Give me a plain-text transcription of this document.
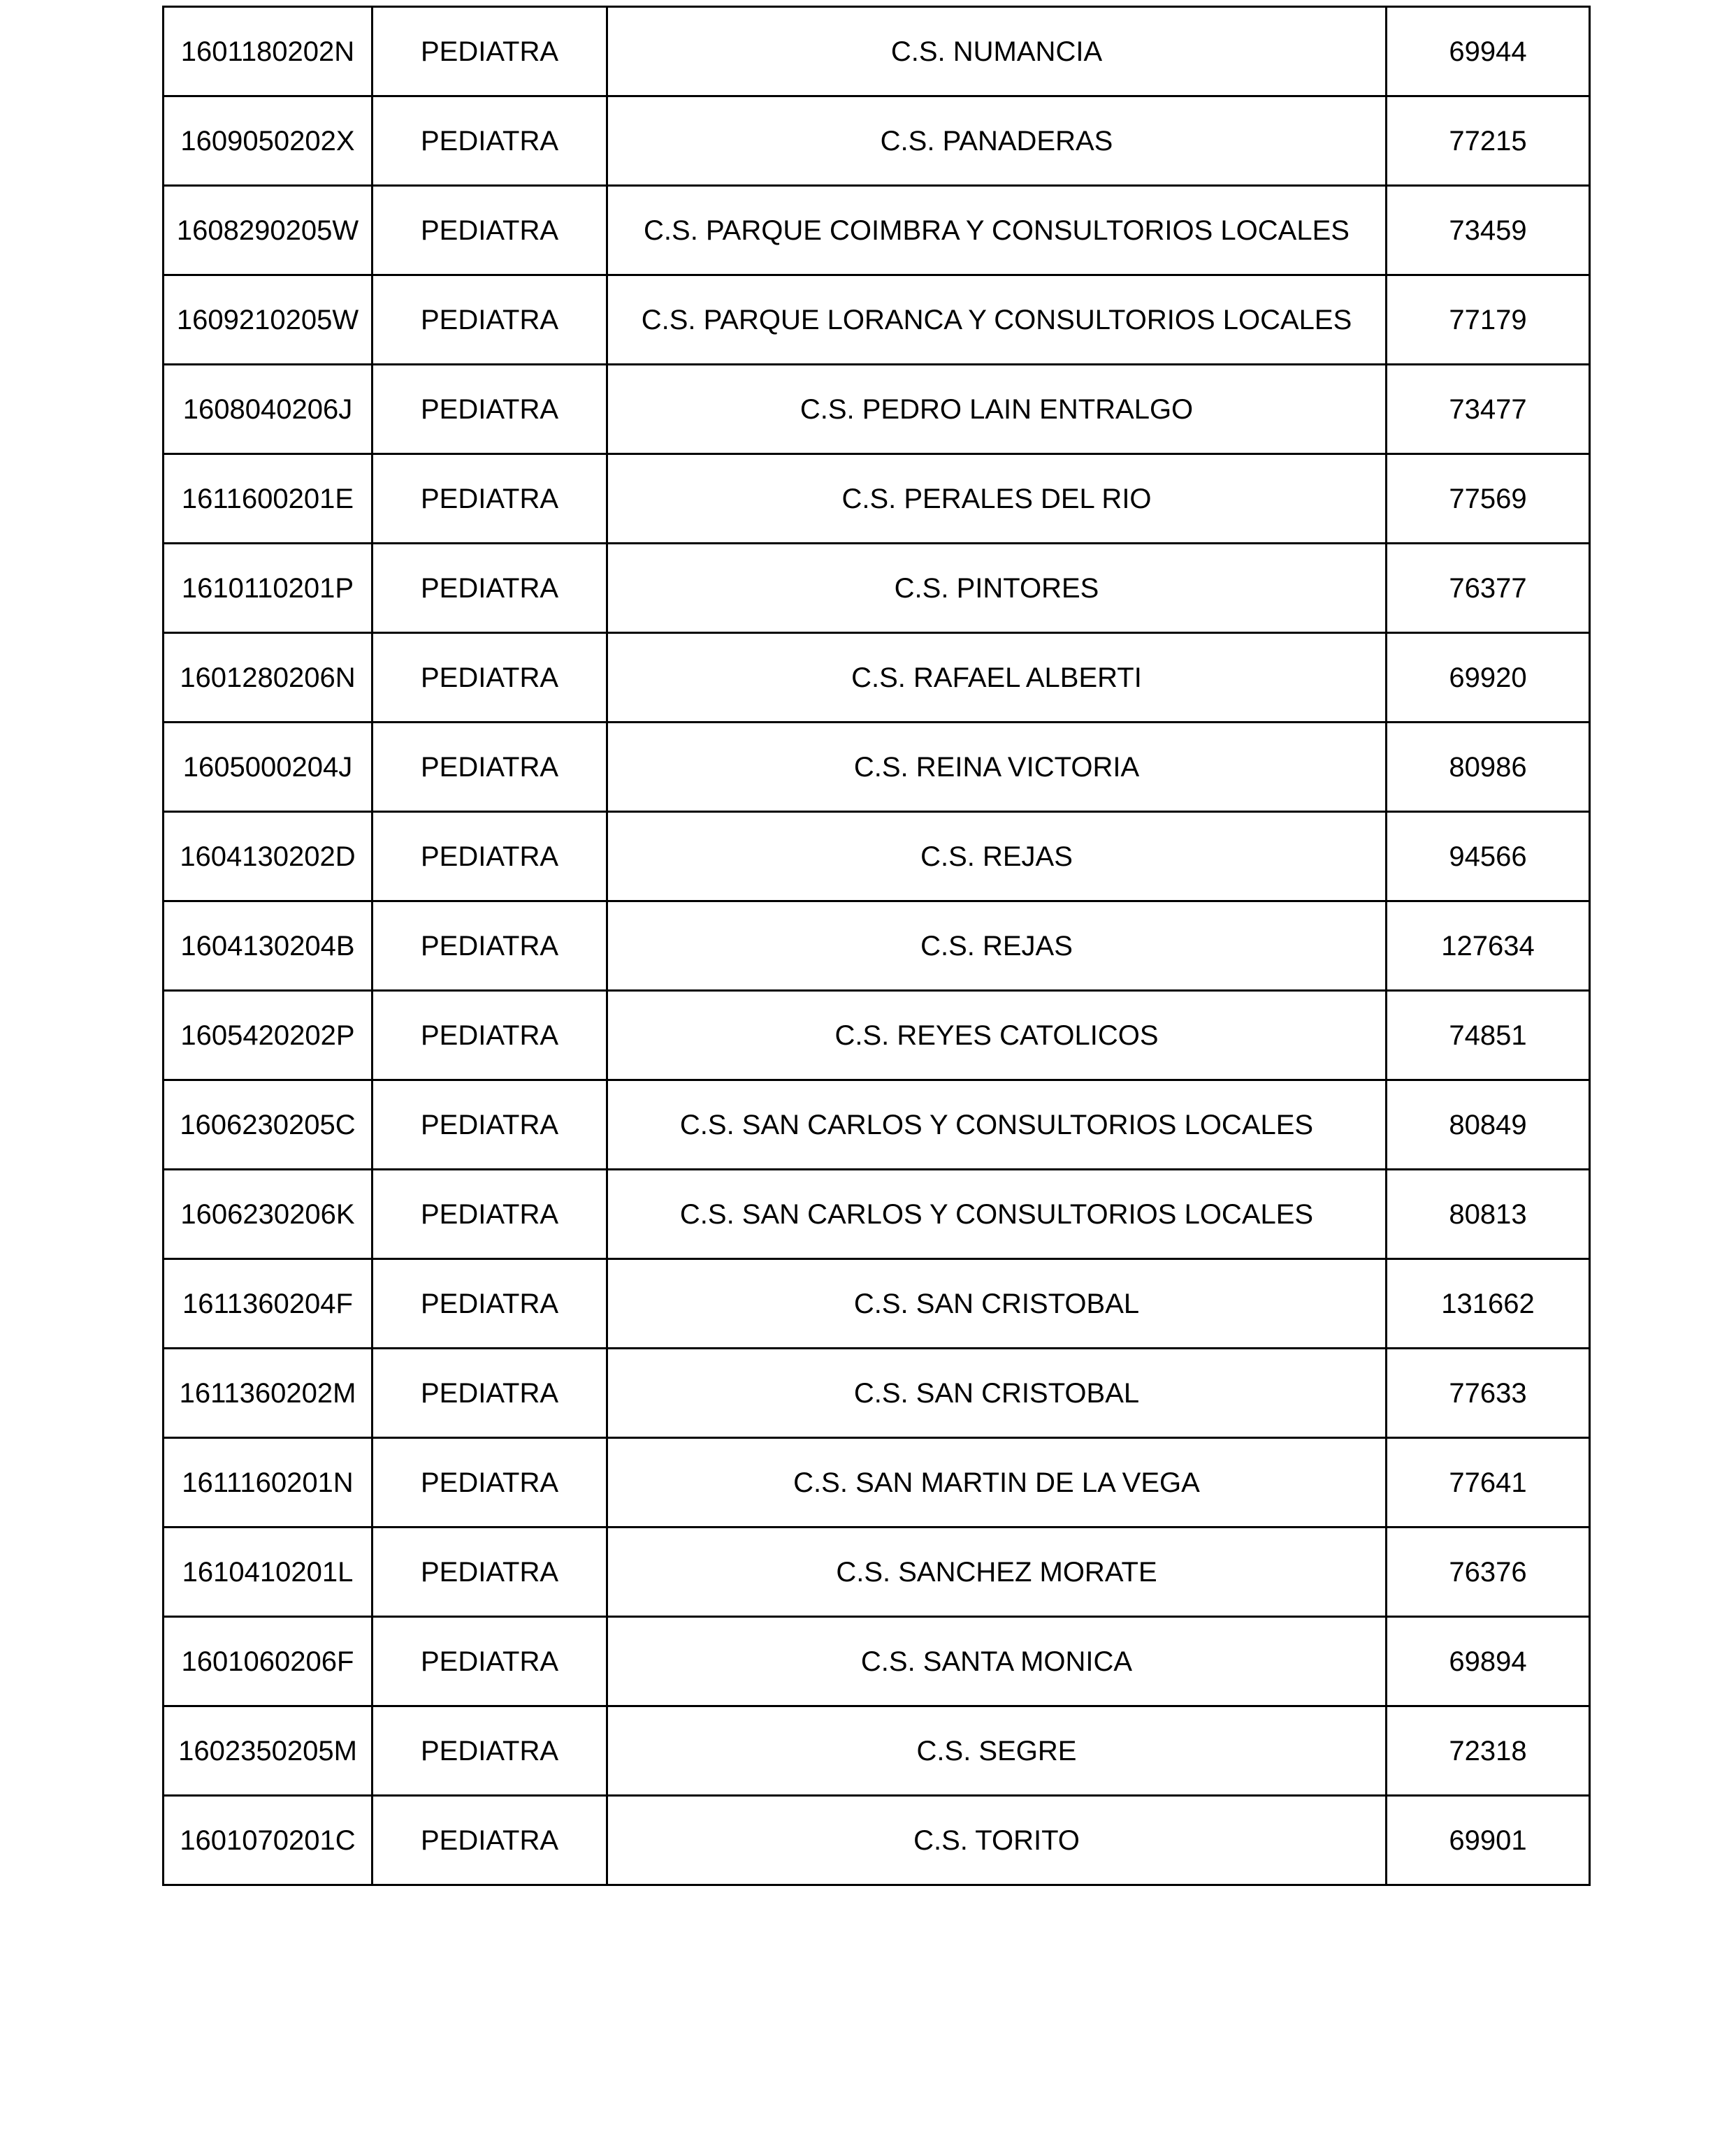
1601180202N	PEDIATRA	C.S. NUMANCIA	69944
1609050202X	PEDIATRA	C.S. PANADERAS	77215
1608290205W	PEDIATRA	C.S. PARQUE COIMBRA Y CONSULTORIOS LOCALES	73459
1609210205W	PEDIATRA	C.S. PARQUE LORANCA Y CONSULTORIOS LOCALES	77179
1608040206J	PEDIATRA	C.S. PEDRO LAIN ENTRALGO	73477
1611600201E	PEDIATRA	C.S. PERALES DEL RIO	77569
1610110201P	PEDIATRA	C.S. PINTORES	76377
1601280206N	PEDIATRA	C.S. RAFAEL ALBERTI	69920
1605000204J	PEDIATRA	C.S. REINA VICTORIA	80986
1604130202D	PEDIATRA	C.S. REJAS	94566
1604130204B	PEDIATRA	C.S. REJAS	127634
1605420202P	PEDIATRA	C.S. REYES CATOLICOS	74851
1606230205C	PEDIATRA	C.S. SAN CARLOS Y CONSULTORIOS LOCALES	80849
1606230206K	PEDIATRA	C.S. SAN CARLOS Y CONSULTORIOS LOCALES	80813
1611360204F	PEDIATRA	C.S. SAN CRISTOBAL	131662
1611360202M	PEDIATRA	C.S. SAN CRISTOBAL	77633
1611160201N	PEDIATRA	C.S. SAN MARTIN DE LA VEGA	77641
1610410201L	PEDIATRA	C.S. SANCHEZ MORATE	76376
1601060206F	PEDIATRA	C.S. SANTA MONICA	69894
1602350205M	PEDIATRA	C.S. SEGRE	72318
1601070201C	PEDIATRA	C.S. TORITO	69901
